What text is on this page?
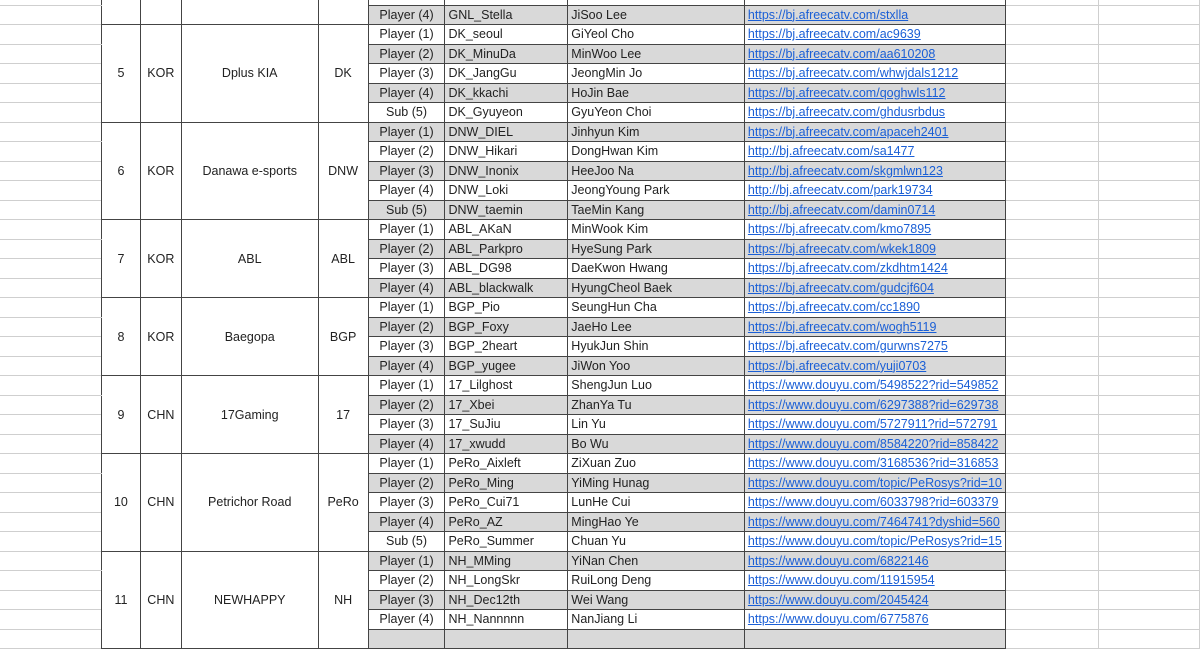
					Player (4)	GNL_Stella	JiSoo Lee	https://bj.afreecatv.com/stxlla		
	5	KOR	Dplus KIA	DK	Player (1)	DK_seoul	GiYeol Cho	https://bj.afreecatv.com/ac9639		
					Player (2)	DK_MinuDa	MinWoo Lee	https://bj.afreecatv.com/aa610208		
					Player (3)	DK_JangGu	JeongMin Jo	https://bj.afreecatv.com/whwjdals1212		
					Player (4)	DK_kkachi	HoJin Bae	https://bj.afreecatv.com/qoghwls112		
					Sub (5)	DK_Gyuyeon	GyuYeon Choi	https://bj.afreecatv.com/ghdusrbdus		
	6	KOR	Danawa e-sports	DNW	Player (1)	DNW_DIEL	Jinhyun Kim	https://bj.afreecatv.com/apaceh2401		
					Player (2)	DNW_Hikari	DongHwan Kim	http://bj.afreecatv.com/sa1477		
					Player (3)	DNW_Inonix	HeeJoo Na	http://bj.afreecatv.com/skgmlwn123		
					Player (4)	DNW_Loki	JeongYoung Park	http://bj.afreecatv.com/park19734		
					Sub (5)	DNW_taemin	TaeMin Kang	http://bj.afreecatv.com/damin0714		
	7	KOR	ABL	ABL	Player (1)	ABL_AKaN	MinWook Kim	https://bj.afreecatv.com/kmo7895		
					Player (2)	ABL_Parkpro	HyeSung Park	https://bj.afreecatv.com/wkek1809		
					Player (3)	ABL_DG98	DaeKwon Hwang	https://bj.afreecatv.com/zkdhtm1424		
					Player (4)	ABL_blackwalk	HyungCheol Baek	https://bj.afreecatv.com/gudcjf604		
	8	KOR	Baegopa	BGP	Player (1)	BGP_Pio	SeungHun Cha	https://bj.afreecatv.com/cc1890		
					Player (2)	BGP_Foxy	JaeHo Lee	https://bj.afreecatv.com/wogh5119		
					Player (3)	BGP_2heart	HyukJun Shin	https://bj.afreecatv.com/gurwns7275		
					Player (4)	BGP_yugee	JiWon Yoo	https://bj.afreecatv.com/yuji0703		
	9	CHN	17Gaming	17	Player (1)	17_Lilghost	ShengJun Luo	https://www.douyu.com/5498522?rid=549852		
					Player (2)	17_Xbei	ZhanYa Tu	https://www.douyu.com/6297388?rid=629738		
					Player (3)	17_SuJiu	Lin Yu	https://www.douyu.com/5727911?rid=572791		
					Player (4)	17_xwudd	Bo Wu	https://www.douyu.com/8584220?rid=858422		
	10	CHN	Petrichor Road	PeRo	Player (1)	PeRo_Aixleft	ZiXuan Zuo	https://www.douyu.com/3168536?rid=316853		
					Player (2)	PeRo_Ming	YiMing Hunag	https://www.douyu.com/topic/PeRosys?rid=10		
					Player (3)	PeRo_Cui71	LunHe Cui	https://www.douyu.com/6033798?rid=603379		
					Player (4)	PeRo_AZ	MingHao Ye	https://www.douyu.com/7464741?dyshid=560		
					Sub (5)	PeRo_Summer	Chuan Yu	https://www.douyu.com/topic/PeRosys?rid=15		
	11	CHN	NEWHAPPY	NH	Player (1)	NH_MMing	YiNan Chen	https://www.douyu.com/6822146		
					Player (2)	NH_LongSkr	RuiLong Deng	https://www.douyu.com/11915954		
					Player (3)	NH_Dec12th	Wei Wang	https://www.douyu.com/2045424		
					Player (4)	NH_Nannnnn	NanJiang Li	https://www.douyu.com/6775876		
